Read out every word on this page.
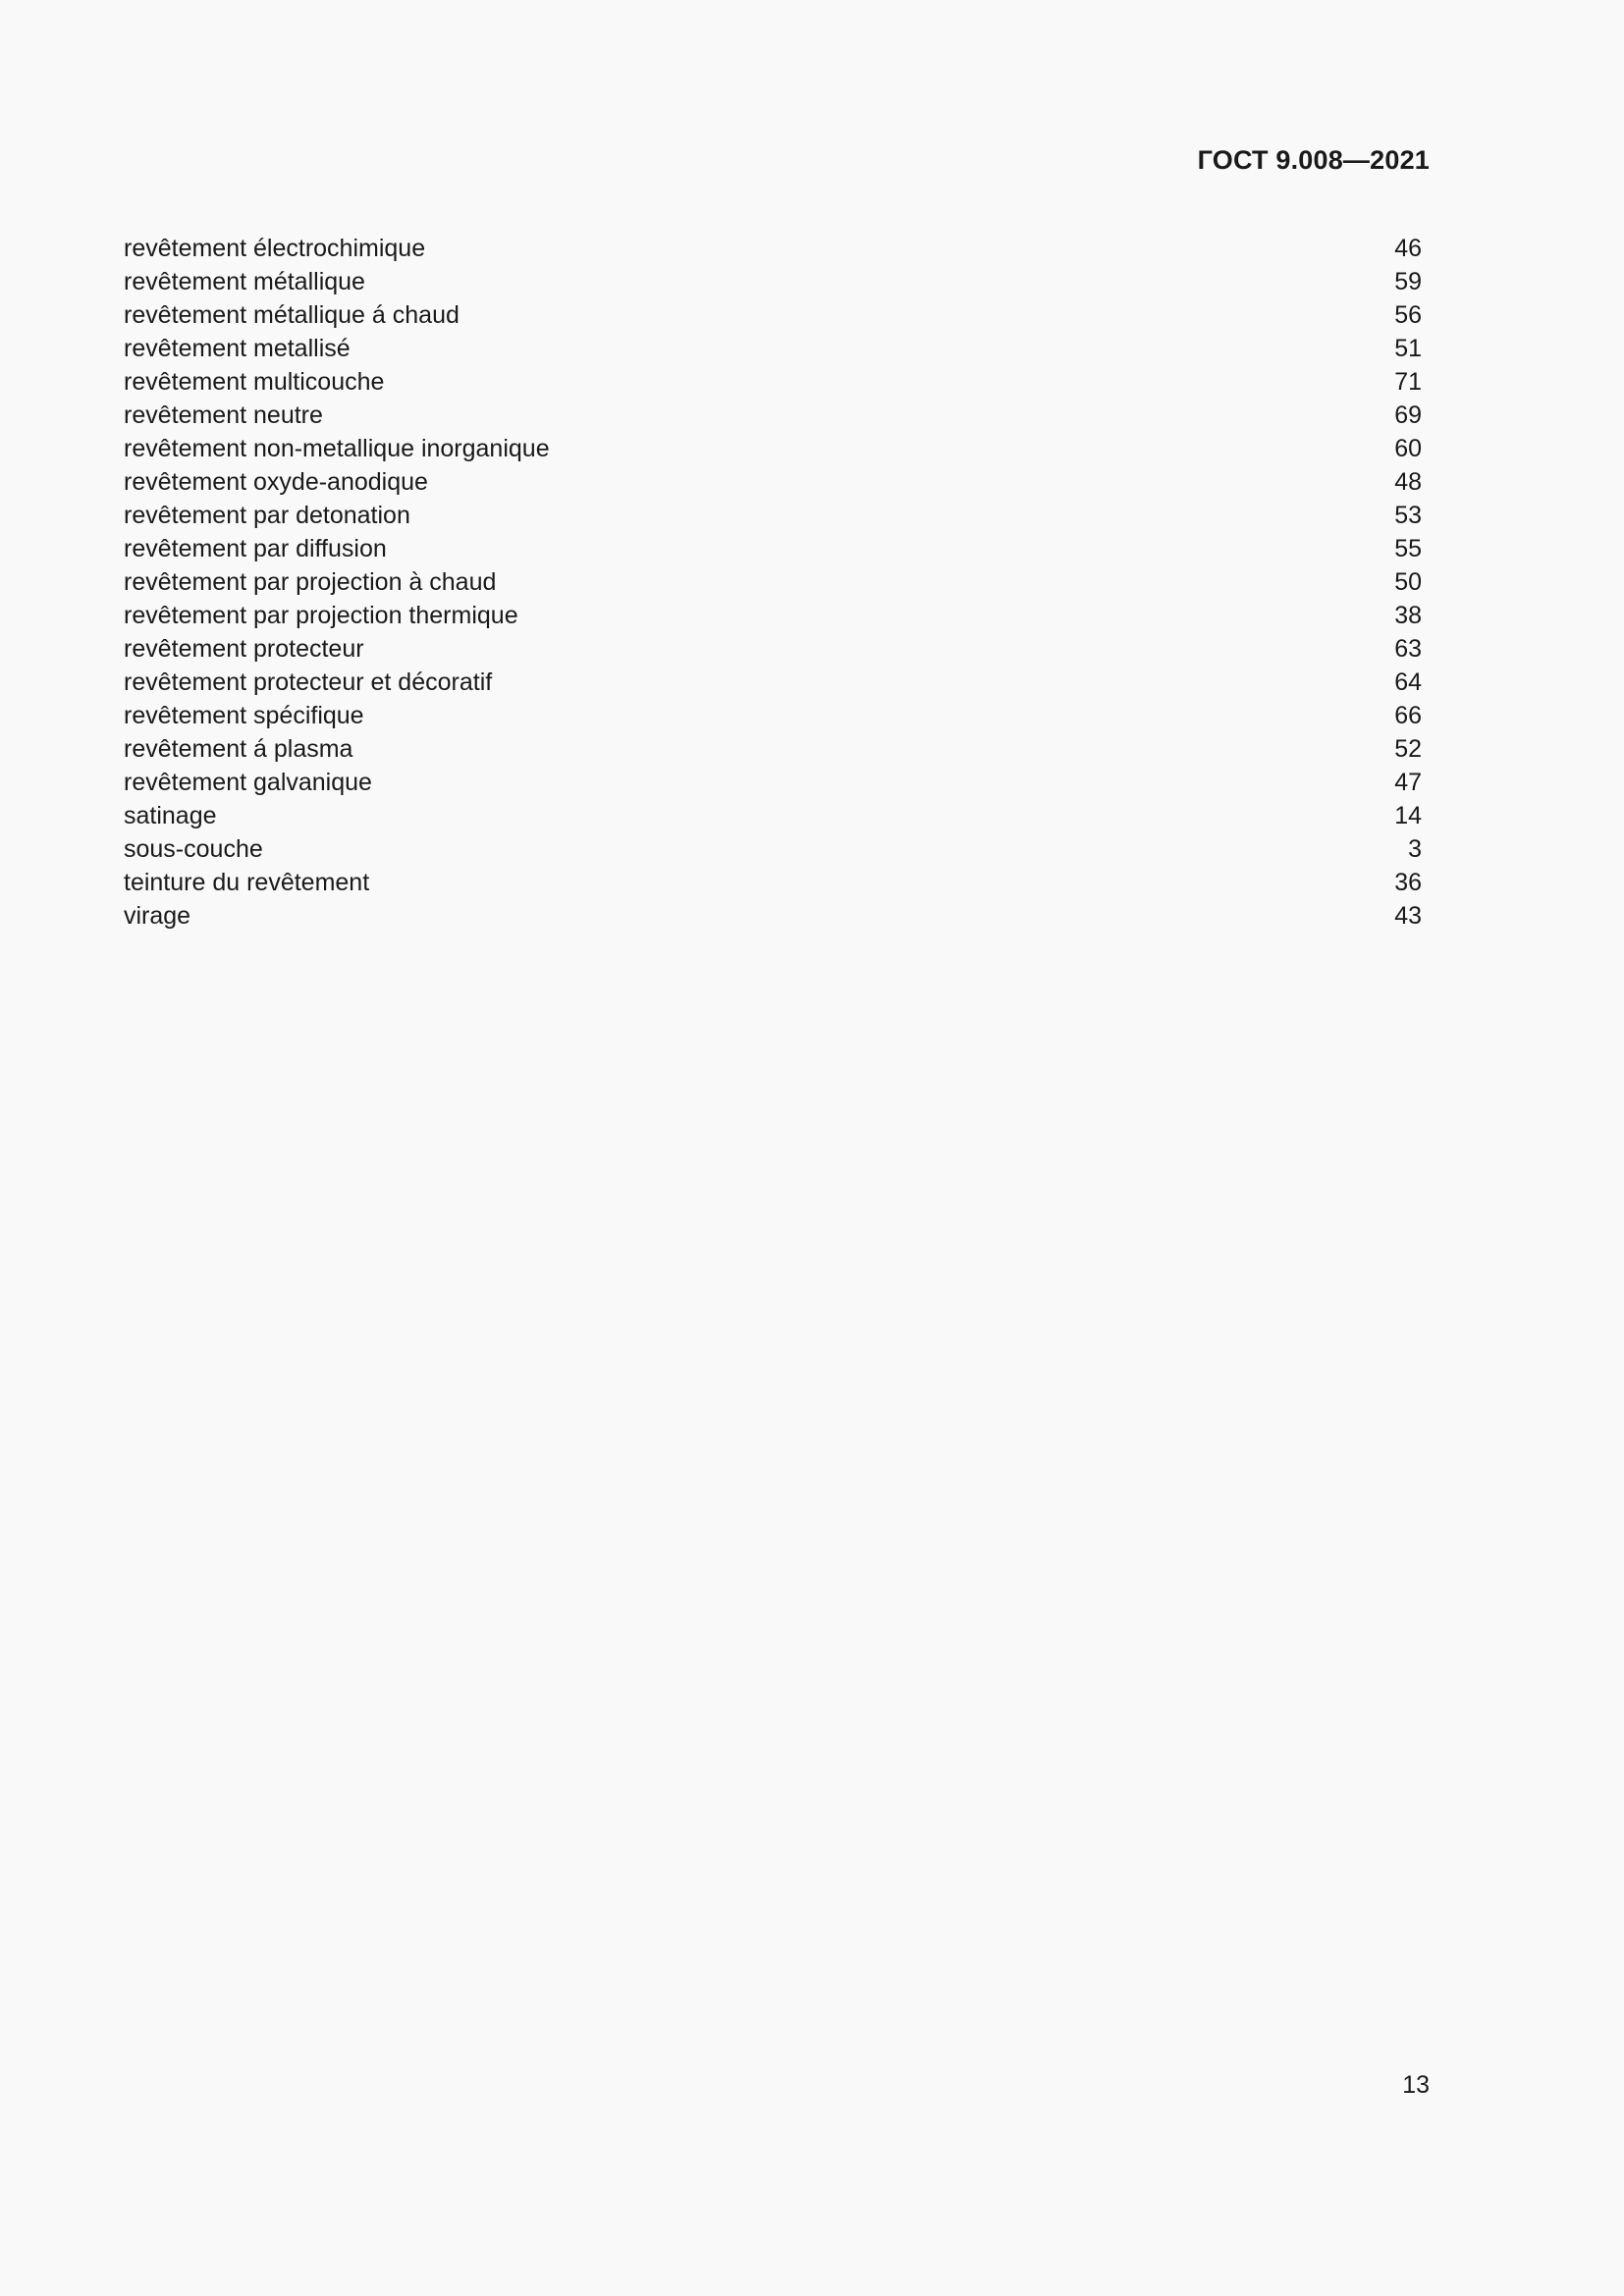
ГОСТ 9.008—2021
revêtement électrochimique	46
revêtement métallique	59
revêtement métallique á chaud	56
revêtement metallisé	51
revêtement multicouche	71
revêtement neutre	69
revêtement non-metallique inorganique	60
revêtement oxyde-anodique	48
revêtement par detonation	53
revêtement par diffusion	55
revêtement par projection à chaud	50
revêtement par projection thermique	38
revêtement protecteur	63
revêtement protecteur et décoratif	64
revêtement spécifique	66
revêtement á plasma	52
revêtement galvanique	47
satinage	14
sous-couche	3
teinture du revêtement	36
virage	43
13
